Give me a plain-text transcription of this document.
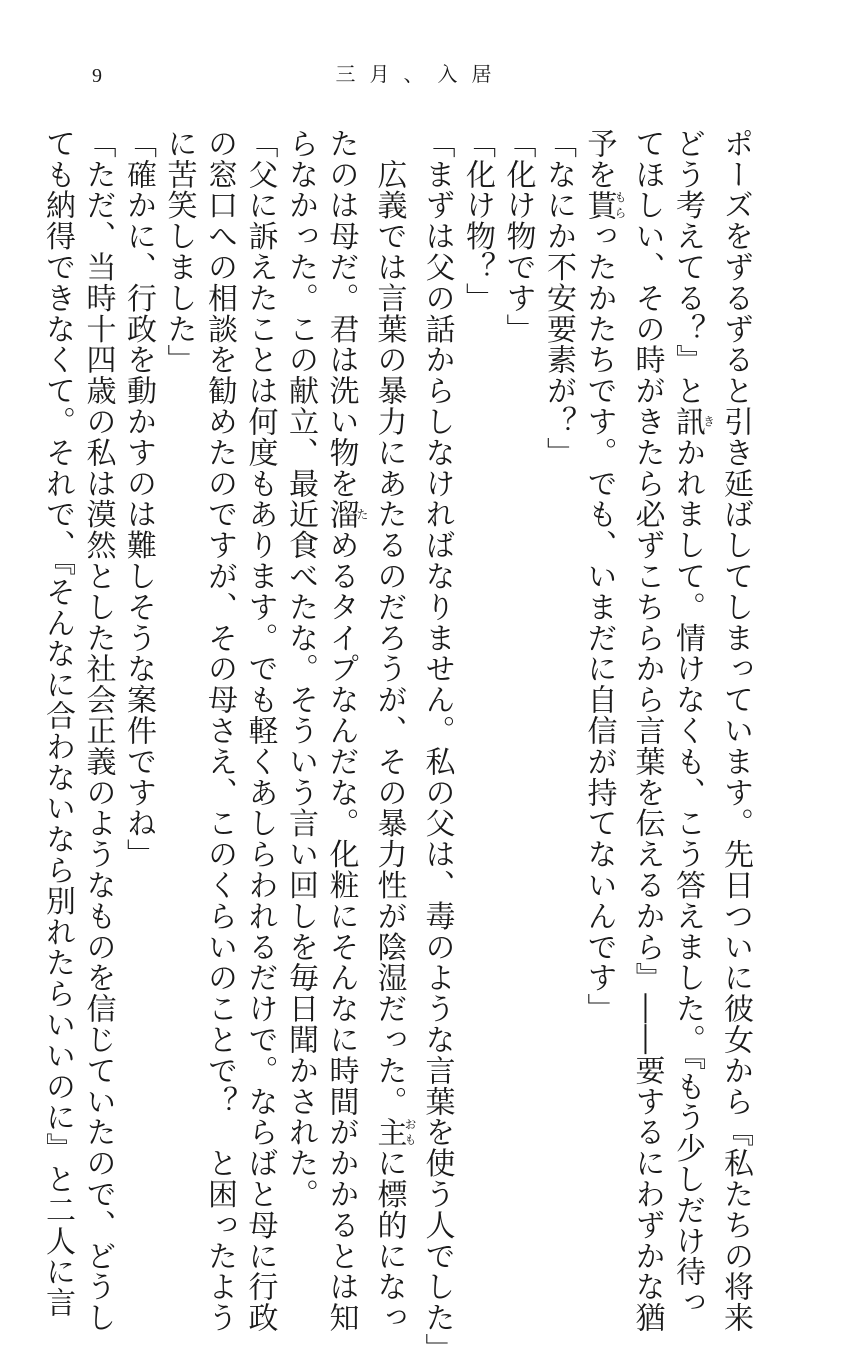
9	三月、入居
ポーズをずるずると引き延ばしてしまっています。先日ついに彼女から『私たちの将来
どう考えてる？』と訊きかれまして。情けなくも、こう答えました。『もう少しだけ待っ
てほしい、その時がきたら必ずこちらから言葉を伝えるから』――要するにわずかな猶
予を貰もらったかたちです。でも、いまだに自信が持てないんです」
「なにか不安要素が？」
「化け物です」
「化け物？」
「まずは父の話からしなければなりません。私の父は、毒のような言葉を使う人でした」
　広義では言葉の暴力にあたるのだろうが、その暴力性が陰湿だった。主おもに標的になっ
たのは母だ。君は洗い物を溜ためるタイプなんだな。化粧にそんなに時間がかかるとは知
らなかった。この献立、最近食べたな。そういう言い回しを毎日聞かされた。
「父に訴えたことは何度もあります。でも軽くあしらわれるだけで。ならばと母に行政
の窓口への相談を勧めたのですが、その母さえ、このくらいのことで？　と困ったよう
に苦笑しました」
「確かに、行政を動かすのは難しそうな案件ですね」
「ただ、当時十四歳の私は漠然とした社会正義のようなものを信じていたので、どうし
ても納得できなくて。それで、『そんなに合わないなら別れたらいいのに』と二人に言
